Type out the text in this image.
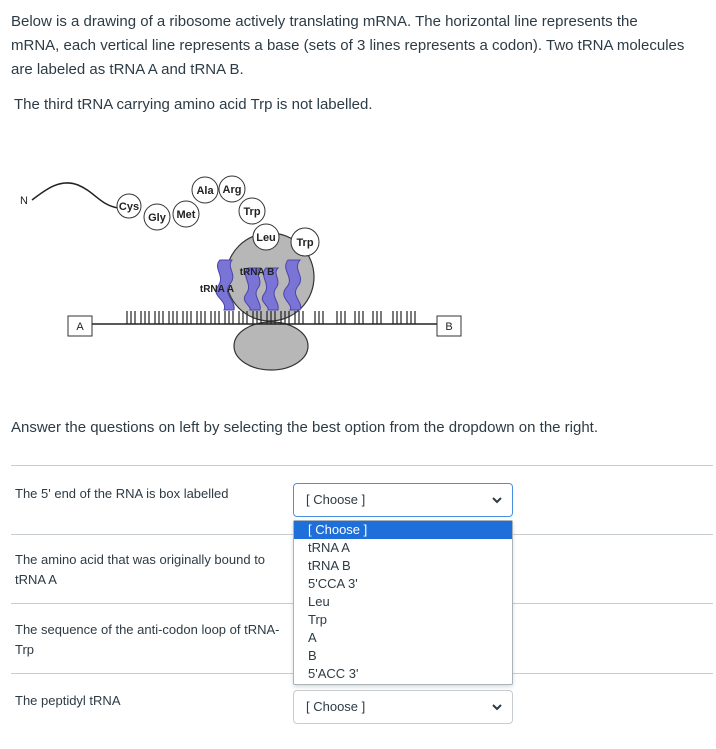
Below is a drawing of a ribosome actively translating mRNA. The horizontal line represents the
mRNA, each vertical line represents a base (sets of 3 lines represents a codon). Two tRNA molecules
are labeled as tRNA A and tRNA B.
The third tRNA carrying amino acid Trp is not labelled.
N	Cys
Gly Met
Ala Arg
Trp
Leu Trp
A	B
tRNA A
tRNA B
Answer the questions on left by selecting the best option from the dropdown on the right.
The 5' end of the RNA is box labelled	[ Choose ]
The amino acid that was originally bound to tRNA A
The sequence of the anti-codon loop of tRNA-Trp
The peptidyl tRNA	[ Choose ]
[ Choose ]
tRNA A
tRNA B
5'CCA 3'
Leu
Trp
A
B
5'ACC 3'
